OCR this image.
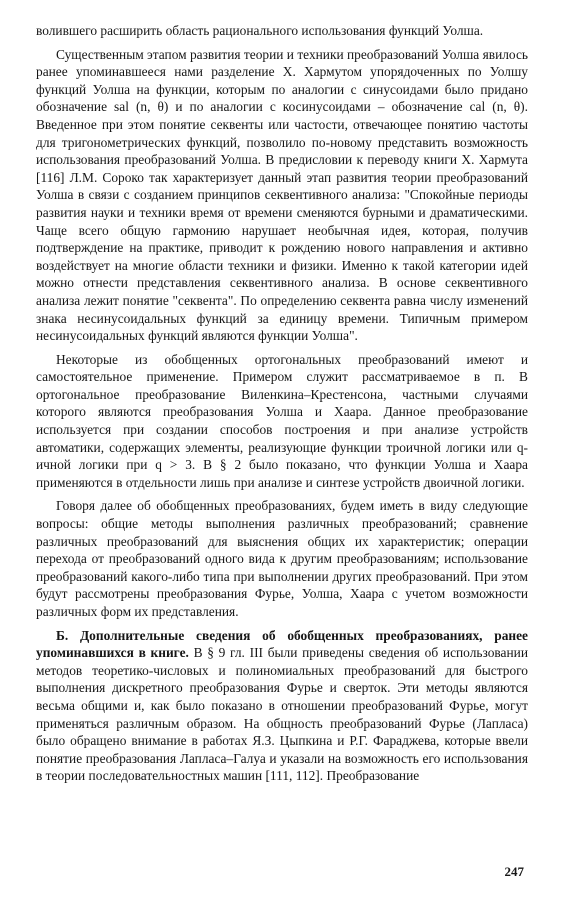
волившего расширить область рационального использования функций Уолша.

Существенным этапом развития теории и техники преобразований Уолша явилось ранее упоминавшееся нами разделение Х. Хармутом упорядоченных по Уолшу функций Уолша на функции, которым по аналогии с синусоидами было придано обозначение sal (n, θ) и по аналогии с косинусоидами – обозначение cal (n, θ). Введенное при этом понятие секвенты или частости, отвечающее понятию частоты для тригонометрических функций, позволило по-новому представить возможность использования преобразований Уолша. В предисловии к переводу книги Х. Хармута [116] Л.М. Сороко так характеризует данный этап развития теории преобразований Уолша в связи с созданием принципов секвентивного анализа: "Спокойные периоды развития науки и техники время от времени сменяются бурными и драматическими. Чаще всего общую гармонию нарушает необычная идея, которая, получив подтверждение на практике, приводит к рождению нового направления и активно воздействует на многие области техники и физики. Именно к такой категории идей можно отнести представления секвентивного анализа. В основе секвентивного анализа лежит понятие "секвента". По определению секвента равна числу изменений знака несинусоидальных функций за единицу времени. Типичным примером несинусоидальных функций являются функции Уолша".

Некоторые из обобщенных ортогональных преобразований имеют и самостоятельное применение. Примером служит рассматриваемое в п. В ортогональное преобразование Виленкина–Крестенсона, частными случаями которого являются преобразования Уолша и Хаара. Данное преобразование используется при создании способов построения и при анализе устройств автоматики, содержащих элементы, реализующие функции троичной логики или q-ичной логики при q > 3. В § 2 было показано, что функции Уолша и Хаара применяются в отдельности лишь при анализе и синтезе устройств двоичной логики.

Говоря далее об обобщенных преобразованиях, будем иметь в виду следующие вопросы: общие методы выполнения различных преобразований; сравнение различных преобразований для выяснения общих их характеристик; операции перехода от преобразований одного вида к другим преобразованиям; использование преобразований какого-либо типа при выполнении других преобразований. При этом будут рассмотрены преобразования Фурье, Уолша, Хаара с учетом возможности различных форм их представления.

Б. Дополнительные сведения об обобщенных преобразованиях, ранее упоминавшихся в книге. В § 9 гл. III были приведены сведения об использовании методов теоретико-числовых и полиномиальных преобразований для быстрого выполнения дискретного преобразования Фурье и сверток. Эти методы являются весьма общими и, как было показано в отношении преобразований Фурье, могут применяться различным образом. На общность преобразований Фурье (Лапласа) было обращено внимание в работах Я.З. Цыпкина и Р.Г. Фараджева, которые ввели понятие преобразования Лапласа–Галуа и указали на возможность его использования в теории последовательностных машин [111, 112]. Преобразование

247
